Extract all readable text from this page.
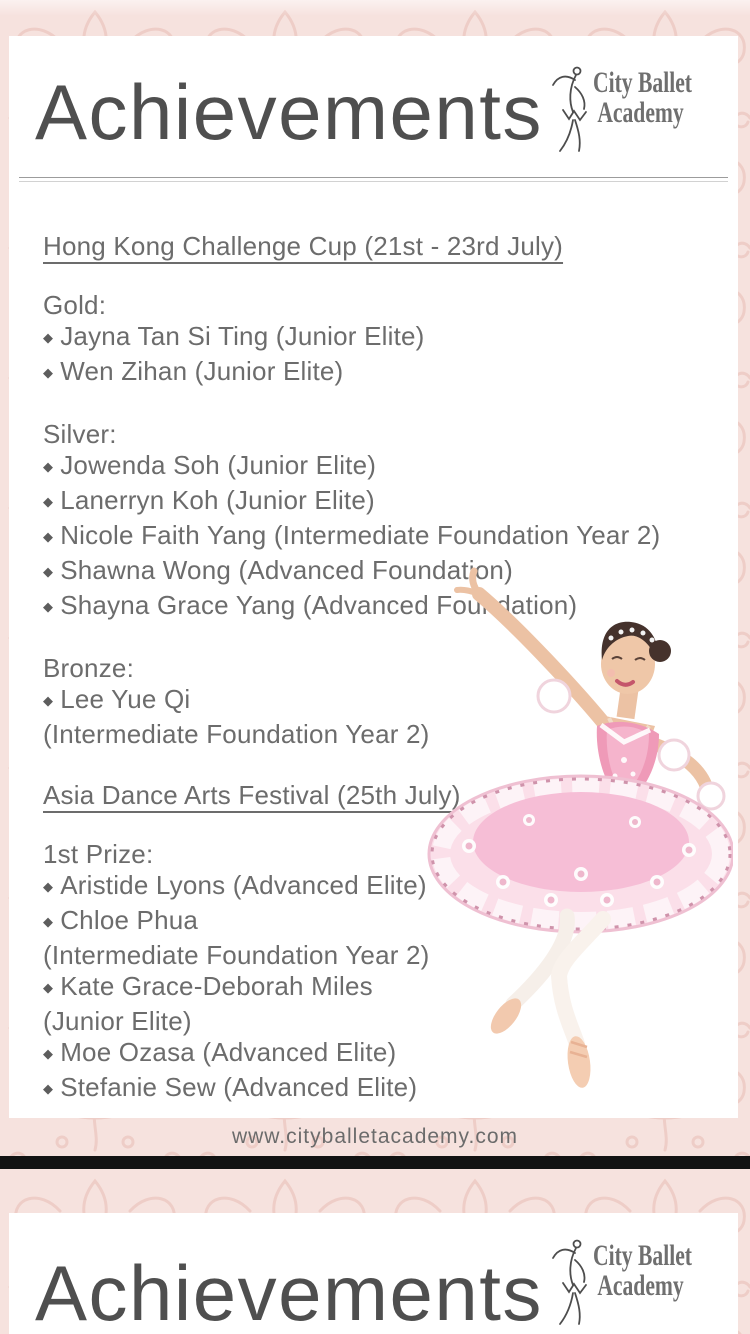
Achievements City Ballet
Academy
Hong Kong Challenge Cup (21st - 23rd July)
Gold:
◆ Jayna Tan Si Ting (Junior Elite)
◆ Wen Zihan (Junior Elite)
Silver:
◆ Jowenda Soh (Junior Elite)
◆ Lanerryn Koh (Junior Elite)
◆ Nicole Faith Yang (Intermediate Foundation Year 2)
◆ Shawna Wong (Advanced Foundation)
◆ Shayna Grace Yang (Advanced Foundation)
Bronze:
◆ Lee Yue Qi
(Intermediate Foundation Year 2)
Asia Dance Arts Festival (25th July)
1st Prize:
◆ Aristide Lyons (Advanced Elite)
◆ Chloe Phua
(Intermediate Foundation Year 2)
◆ Kate Grace-Deborah Miles
(Junior Elite)
◆ Moe Ozasa (Advanced Elite)
◆ Stefanie Sew (Advanced Elite)
www.cityballetacademy.com
Achievements City Ballet
Academy
